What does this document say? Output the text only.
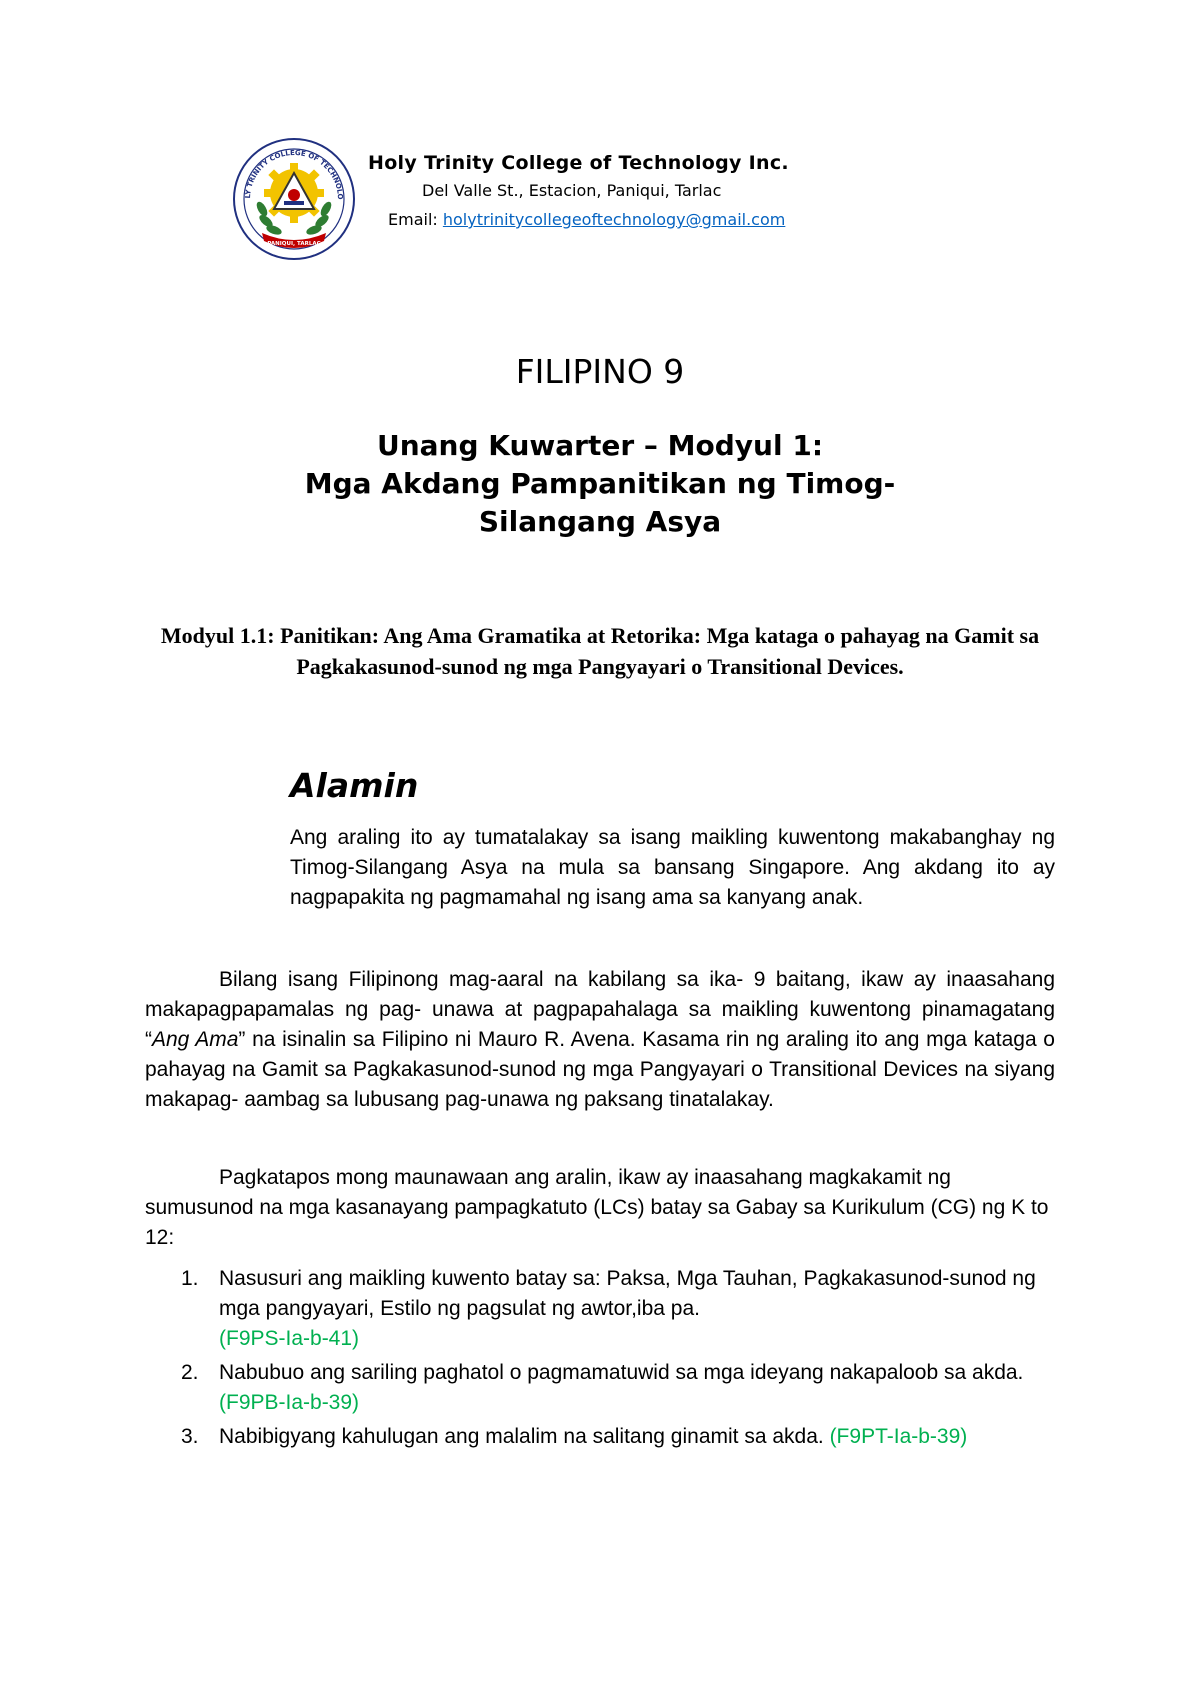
LY TRINITY COLLEGE OF TECHNOLO
PANIQUI, TARLAC
Holy Trinity College of Technology Inc.
Del Valle St., Estacion, Paniqui, Tarlac
Email: holytrinitycollegeoftechnology@gmail.com
FILIPINO 9
Unang Kuwarter – Modyul 1:
Mga Akdang Pampanitikan ng Timog-
Silangang Asya
Modyul 1.1: Panitikan: Ang Ama Gramatika at Retorika: Mga kataga o pahayag na Gamit sa Pagkakasunod-sunod ng mga Pangyayari o Transitional Devices.
Alamin
Ang araling ito ay tumatalakay sa isang maikling kuwentong makabanghay ng Timog-Silangang Asya na mula sa bansang Singapore. Ang akdang ito ay nagpapakita ng pagmamahal ng isang ama sa kanyang anak.
Bilang isang Filipinong mag-aaral na kabilang sa ika- 9 baitang, ikaw ay inaasahang makapagpapamalas ng pag- unawa at pagpapahalaga sa maikling kuwentong pinamagatang “Ang Ama” na isinalin sa Filipino ni Mauro R. Avena. Kasama rin ng araling ito ang mga kataga o pahayag na Gamit sa Pagkakasunod-sunod ng mga Pangyayari o Transitional Devices na siyang makapag- aambag sa lubusang pag-unawa ng paksang tinatalakay.
Pagkatapos mong maunawaan ang aralin, ikaw ay inaasahang magkakamit ng sumusunod na mga kasanayang pampagkatuto (LCs) batay sa Gabay sa Kurikulum (CG) ng K to 12:
1. Nasusuri ang maikling kuwento batay sa: Paksa, Mga Tauhan, Pagkakasunod-sunod ng mga pangyayari, Estilo ng pagsulat ng awtor,iba pa.
(F9PS-Ia-b-41)
2. Nabubuo ang sariling paghatol o pagmamatuwid sa mga ideyang nakapaloob sa akda.
(F9PB-Ia-b-39)
3. Nabibigyang kahulugan ang malalim na salitang ginamit sa akda. (F9PT-Ia-b-39)
